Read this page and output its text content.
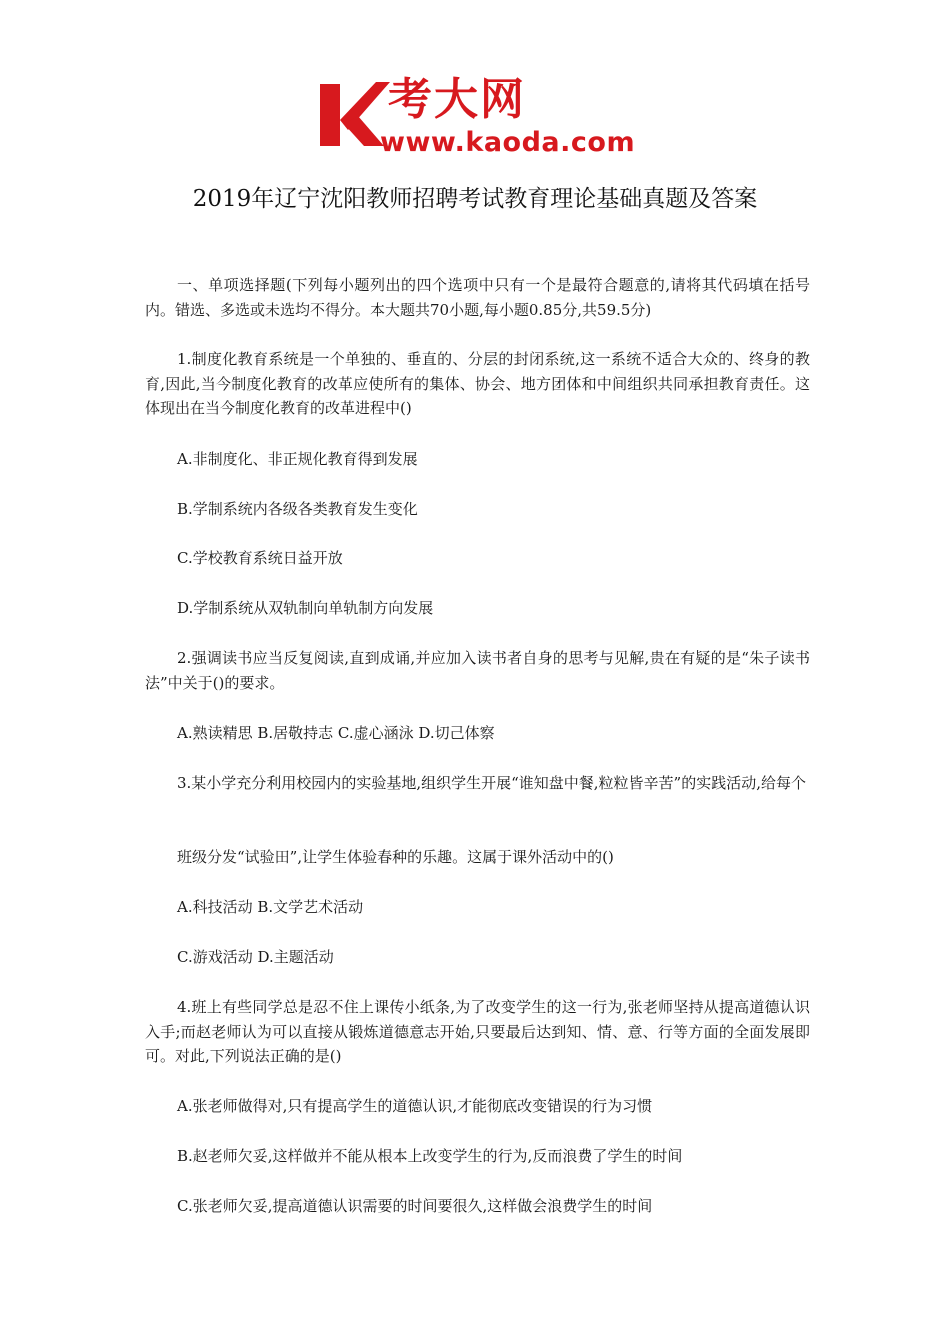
考大网
www.kaoda.com
2019年辽宁沈阳教师招聘考试教育理论基础真题及答案

一、单项选择题(下列每小题列出的四个选项中只有一个是最符合题意的,请将其代码填在括号内。错选、多选或未选均不得分。本大题共70小题,每小题0.85分,共59.5分)

1.制度化教育系统是一个单独的、垂直的、分层的封闭系统,这一系统不适合大众的、终身的教育,因此,当今制度化教育的改革应使所有的集体、协会、地方团体和中间组织共同承担教育责任。这体现出在当今制度化教育的改革进程中()

A.非制度化、非正规化教育得到发展

B.学制系统内各级各类教育发生变化

C.学校教育系统日益开放

D.学制系统从双轨制向单轨制方向发展

2.强调读书应当反复阅读,直到成诵,并应加入读书者自身的思考与见解,贵在有疑的是“朱子读书法”中关于()的要求。

A.熟读精思 B.居敬持志 C.虚心涵泳 D.切己体察

3.某小学充分利用校园内的实验基地,组织学生开展“谁知盘中餐,粒粒皆辛苦”的实践活动,给每个

班级分发“试验田”,让学生体验春种的乐趣。这属于课外活动中的()

A.科技活动 B.文学艺术活动

C.游戏活动 D.主题活动

4.班上有些同学总是忍不住上课传小纸条,为了改变学生的这一行为,张老师坚持从提高道德认识入手;而赵老师认为可以直接从锻炼道德意志开始,只要最后达到知、情、意、行等方面的全面发展即可。对此,下列说法正确的是()

A.张老师做得对,只有提高学生的道德认识,才能彻底改变错误的行为习惯

B.赵老师欠妥,这样做并不能从根本上改变学生的行为,反而浪费了学生的时间

C.张老师欠妥,提高道德认识需要的时间要很久,这样做会浪费学生的时间
